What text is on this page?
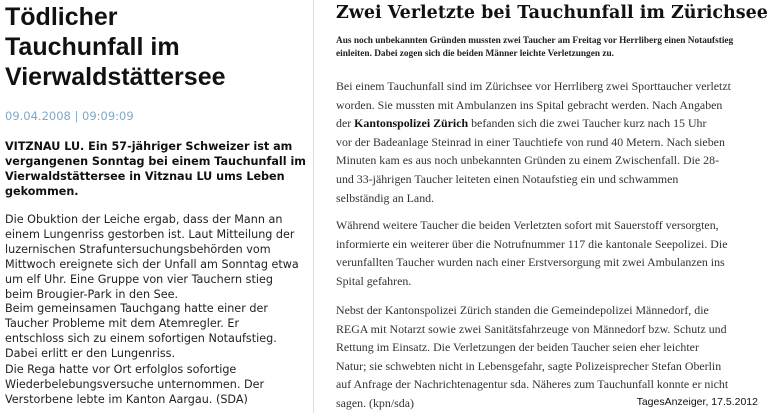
Tödlicher
Tauchunfall im
Vierwaldstättersee
09.04.2008 | 09:09:09
VITZNAU LU. Ein 57-jähriger Schweizer ist am
vergangenen Sonntag bei einem Tauchunfall im
Vierwaldstättersee in Vitznau LU ums Leben
gekommen.
Die Obuktion der Leiche ergab, dass der Mann an
einem Lungenriss gestorben ist. Laut Mitteilung der
luzernischen Strafuntersuchungsbehörden vom
Mittwoch ereignete sich der Unfall am Sonntag etwa
um elf Uhr. Eine Gruppe von vier Tauchern stieg
beim Brougier-Park in den See.
Beim gemeinsamen Tauchgang hatte einer der
Taucher Probleme mit dem Atemregler. Er
entschloss sich zu einem sofortigen Notaufstieg.
Dabei erlitt er den Lungenriss.
Die Rega hatte vor Ort erfolglos sofortige
Wiederbelebungsversuche unternommen. Der
Verstorbene lebte im Kanton Aargau. (SDA)
Zwei Verletzte bei Tauchunfall im Zürichsee
Aus noch unbekannten Gründen mussten zwei Taucher am Freitag vor Herrliberg einen Notaufstieg
einleiten. Dabei zogen sich die beiden Männer leichte Verletzungen zu.
Bei einem Tauchunfall sind im Zürichsee vor Herrliberg zwei Sporttaucher verletzt
worden. Sie mussten mit Ambulanzen ins Spital gebracht werden. Nach Angaben
der Kantonspolizei Zürich befanden sich die zwei Taucher kurz nach 15 Uhr
vor der Badeanlage Steinrad in einer Tauchtiefe von rund 40 Metern. Nach sieben
Minuten kam es aus noch unbekannten Gründen zu einem Zwischenfall. Die 28-
und 33-jährigen Taucher leiteten einen Notaufstieg ein und schwammen
selbständig an Land.
Während weitere Taucher die beiden Verletzten sofort mit Sauerstoff versorgten,
informierte ein weiterer über die Notrufnummer 117 die kantonale Seepolizei. Die
verunfallten Taucher wurden nach einer Erstversorgung mit zwei Ambulanzen ins
Spital gefahren.
Nebst der Kantonspolizei Zürich standen die Gemeindepolizei Männedorf, die
REGA mit Notarzt sowie zwei Sanitätsfahrzeuge von Männedorf bzw. Schutz und
Rettung im Einsatz. Die Verletzungen der beiden Taucher seien eher leichter
Natur; sie schwebten nicht in Lebensgefahr, sagte Polizeisprecher Stefan Oberlin
auf Anfrage der Nachrichtenagentur sda. Näheres zum Tauchunfall konnte er nicht
sagen. (kpn/sda)	TagesAnzeiger, 17.5.2012
